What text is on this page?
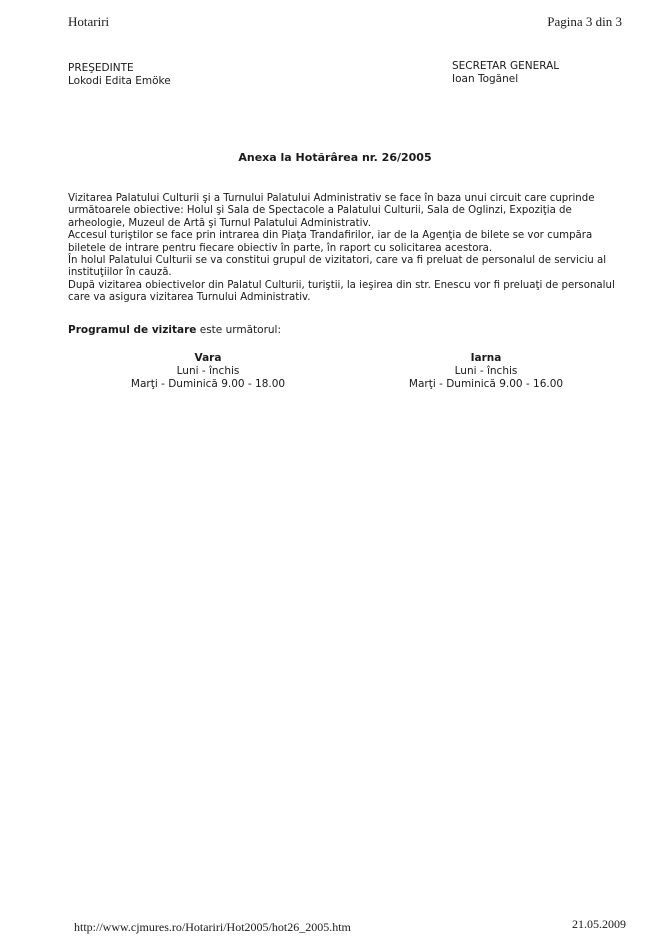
Hotariri	Pagina 3 din 3
PREŞEDINTE
Lokodi Edita Emöke
SECRETAR GENERAL
Ioan Togănel
Anexa la Hotărârea nr. 26/2005

Vizitarea Palatului Culturii şi a Turnului Palatului Administrativ se face în baza unui circuit care cuprinde următoarele obiective: Holul şi Sala de Spectacole a Palatului Culturii, Sala de Oglinzi, Expoziţia de arheologie, Muzeul de Artă şi Turnul Palatului Administrativ.

Accesul turiştilor se face prin intrarea din Piaţa Trandafirilor, iar de la Agenţia de bilete se vor cumpăra biletele de intrare pentru fiecare obiectiv în parte, în raport cu solicitarea acestora.

În holul Palatului Culturii se va constitui grupul de vizitatori, care va fi preluat de personalul de serviciu al instituţiilor în cauză.

După vizitarea obiectivelor din Palatul Culturii, turiştii, la ieşirea din str. Enescu vor fi preluaţi de personalul care va asigura vizitarea Turnului Administrativ.

Programul de vizitare este următorul:
Vara
Luni - închis
Marţi - Duminică 9.00 - 18.00
Iarna
Luni - închis
Marţi - Duminică 9.00 - 16.00
http://www.cjmures.ro/Hotariri/Hot2005/hot26_2005.htm	21.05.2009
